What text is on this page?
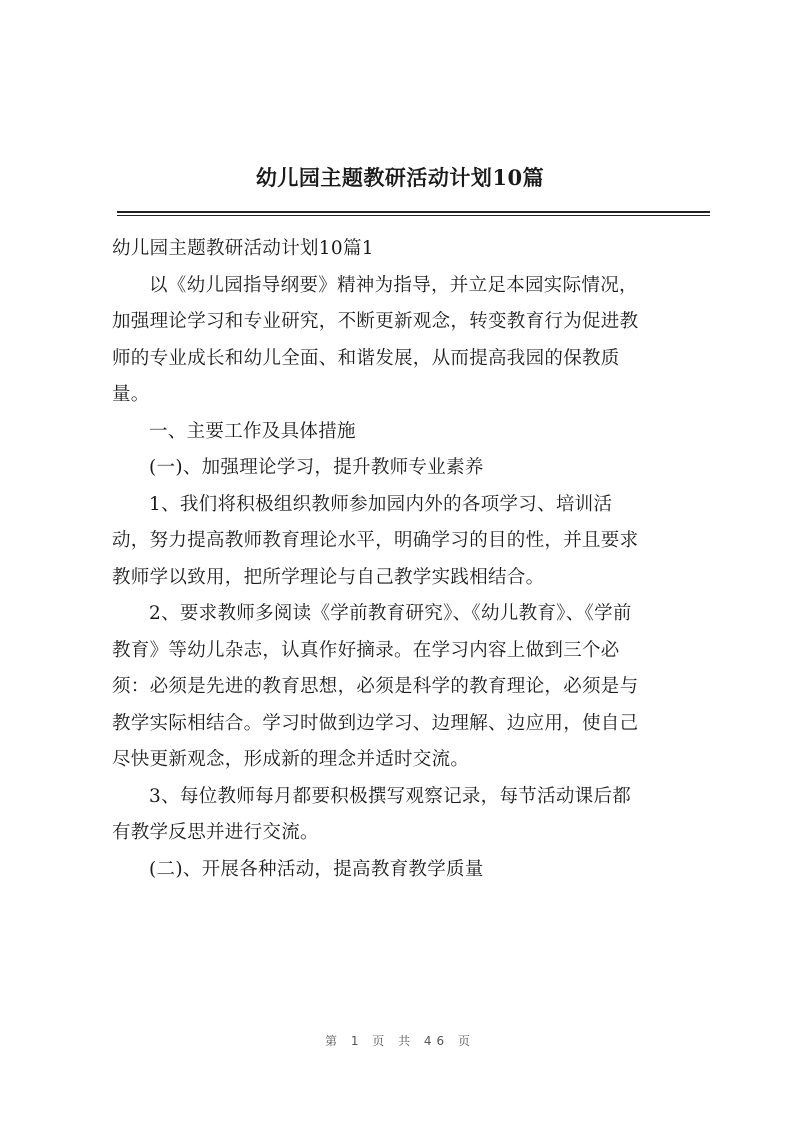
幼儿园主题教研活动计划10篇
幼儿园主题教研活动计划10篇1
以《幼儿园指导纲要》精神为指导，并立足本园实际情况，
加强理论学习和专业研究，不断更新观念，转变教育行为促进教
师的专业成长和幼儿全面、和谐发展，从而提高我园的保教质
量。
一、主要工作及具体措施
(一)、加强理论学习，提升教师专业素养
1、我们将积极组织教师参加园内外的各项学习、培训活
动，努力提高教师教育理论水平，明确学习的目的性，并且要求
教师学以致用，把所学理论与自己教学实践相结合。
2、要求教师多阅读《学前教育研究》、《幼儿教育》、《学前
教育》等幼儿杂志，认真作好摘录。在学习内容上做到三个必
须：必须是先进的教育思想，必须是科学的教育理论，必须是与
教学实际相结合。学习时做到边学习、边理解、边应用，使自己
尽快更新观念，形成新的理念并适时交流。
3、每位教师每月都要积极撰写观察记录，每节活动课后都
有教学反思并进行交流。
(二)、开展各种活动，提高教育教学质量
第 1 页 共 46 页
